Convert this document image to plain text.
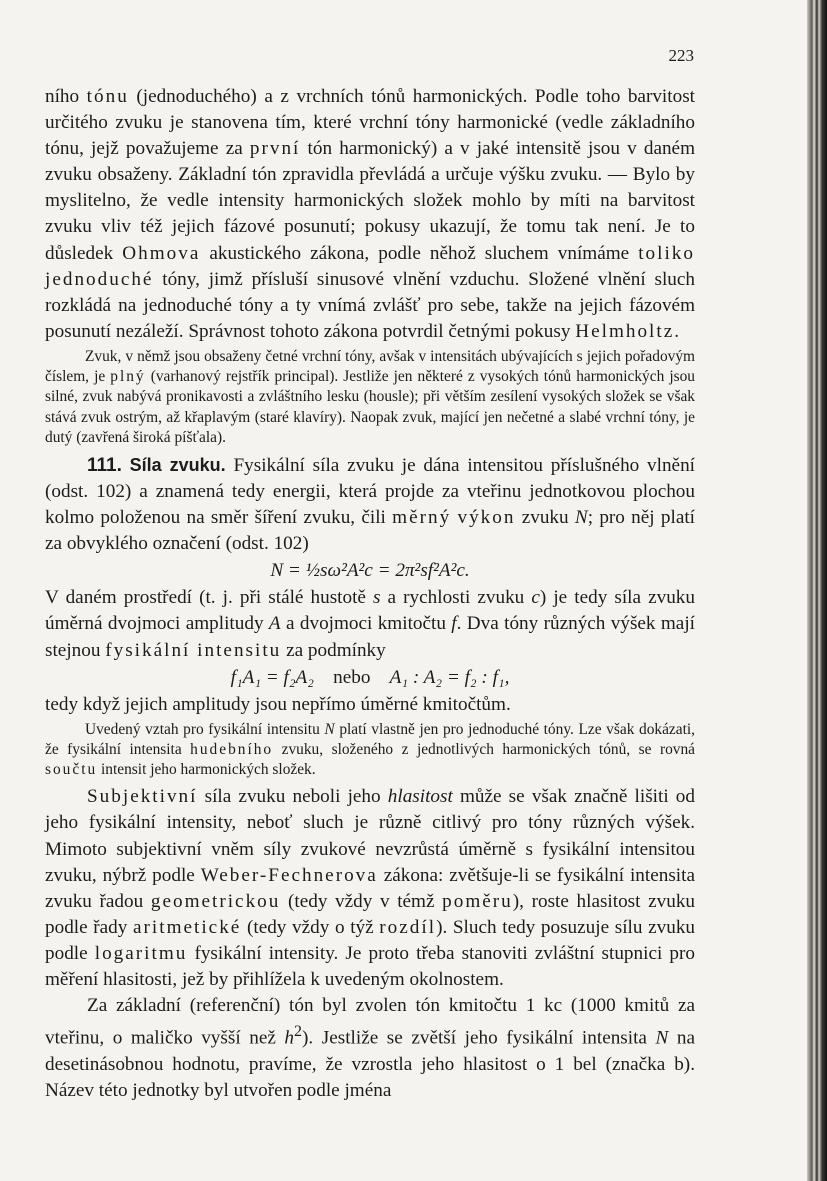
223

ního tónu (jednoduchého) a z vrchních tónů harmonických. Podle toho barvitost určitého zvuku je stanovena tím, které vrchní tóny harmonické (vedle základního tónu, jejž považujeme za první tón harmonický) a v jaké intensitě jsou v daném zvuku obsaženy. Základní tón zpravidla převládá a určuje výšku zvuku. — Bylo by myslitelno, že vedle intensity harmonických složek mohlo by míti na barvitost zvuku vliv též jejich fázové posunutí; pokusy ukazují, že tomu tak není. Je to důsledek Ohmova akustického zákona, podle něhož sluchem vnímáme toliko jednoduché tóny, jimž přísluší sinusové vlnění vzduchu. Složené vlnění sluch rozkládá na jednoduché tóny a ty vnímá zvlášť pro sebe, takže na jejich fázovém posunutí nezáleží. Správnost tohoto zákona potvrdil četnými pokusy Helmholtz.

Zvuk, v němž jsou obsaženy četné vrchní tóny, avšak v intensitách ubývajících s jejich pořadovým číslem, je plný (varhanový rejstřík principal). Jestliže jen některé z vysokých tónů harmonických jsou silné, zvuk nabývá pronikavosti a zvláštního lesku (housle); při větším zesílení vysokých složek se však stává zvuk ostrým, až křaplavým (staré klavíry). Naopak zvuk, mající jen nečetné a slabé vrchní tóny, je dutý (zavřená široká píšťala).

111. Síla zvuku. Fysikální síla zvuku je dána intensitou příslušného vlnění (odst. 102) a znamená tedy energii, která projde za vteřinu jednotkovou plochou kolmo položenou na směr šíření zvuku, čili měrný výkon zvuku N; pro něj platí za obvyklého označení (odst. 102)

N = ½sω²A²c = 2π²sf²A²c.

V daném prostředí (t. j. při stálé hustotě s a rychlosti zvuku c) je tedy síla zvuku úměrná dvojmoci amplitudy A a dvojmoci kmitočtu f. Dva tóny různých výšek mají stejnou fysikální intensitu za podmínky

f₁A₁ = f₂A₂ nebo A₁ : A₂ = f₂ : f₁,

tedy když jejich amplitudy jsou nepřímo úměrné kmitočtům.

Uvedený vztah pro fysikální intensitu N platí vlastně jen pro jednoduché tóny. Lze však dokázati, že fysikální intensita hudebního zvuku, složeného z jednotlivých harmonických tónů, se rovná součtu intensit jeho harmonických složek.

Subjektivní síla zvuku neboli jeho hlasitost může se však značně lišiti od jeho fysikální intensity, neboť sluch je různě citlivý pro tóny různých výšek. Mimoto subjektivní vněm síly zvukové nevzrůstá úměrně s fysikální intensitou zvuku, nýbrž podle Weber-Fechnerova zákona: zvětšuje-li se fysikální intensita zvuku řadou geometrickou (tedy vždy v témž poměru), roste hlasitost zvuku podle řady aritmetické (tedy vždy o týž rozdíl). Sluch tedy posuzuje sílu zvuku podle logaritmu fysikální intensity. Je proto třeba stanoviti zvláštní stupnici pro měření hlasitosti, jež by přihlížela k uvedeným okolnostem.

Za základní (referenční) tón byl zvolen tón kmitočtu 1 kc (1000 kmitů za vteřinu, o maličko vyšší než $h^2$). Jestliže se zvětší jeho fysikální intensita N na desetinásobnou hodnotu, pravíme, že vzrostla jeho hlasitost o 1 bel (značka b). Název této jednotky byl utvořen podle jména
